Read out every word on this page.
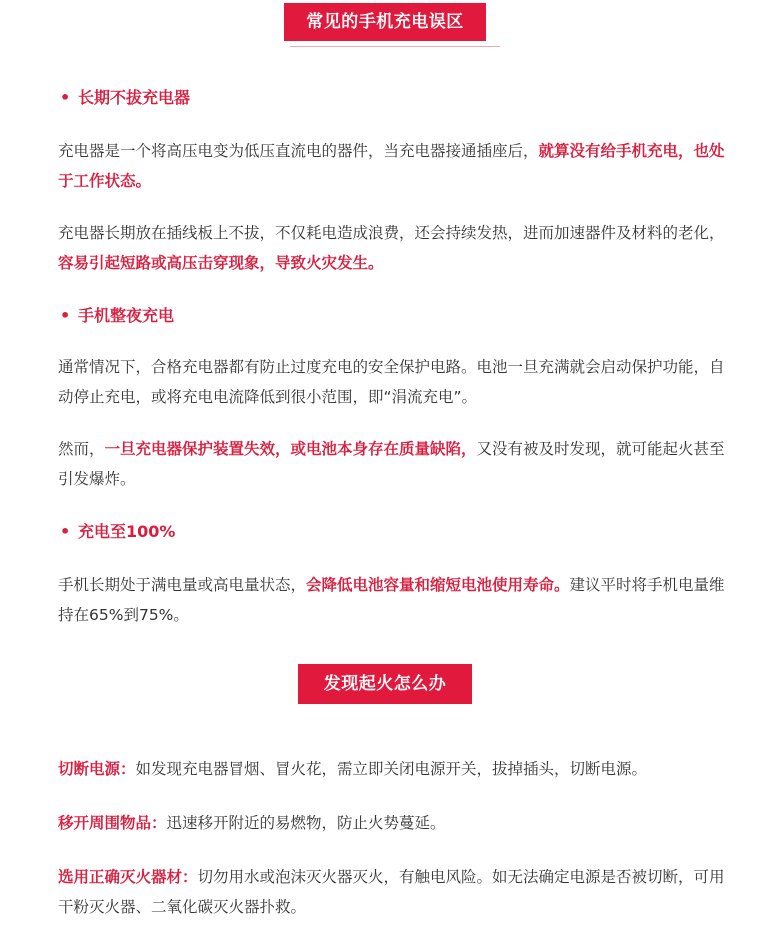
常见的手机充电误区
• 长期不拔充电器

充电器是一个将高压电变为低压直流电的器件，当充电器接通插座后，就算没有给手机充电，也处于工作状态。

充电器长期放在插线板上不拔，不仅耗电造成浪费，还会持续发热，进而加速器件及材料的老化，容易引起短路或高压击穿现象，导致火灾发生。

• 手机整夜充电

通常情况下，合格充电器都有防止过度充电的安全保护电路。电池一旦充满就会启动保护功能，自动停止充电，或将充电电流降低到很小范围，即“涓流充电”。

然而，一旦充电器保护装置失效，或电池本身存在质量缺陷，又没有被及时发现，就可能起火甚至引发爆炸。

• 充电至100%

手机长期处于满电量或高电量状态，会降低电池容量和缩短电池使用寿命。建议平时将手机电量维持在65%到75%。

发现起火怎么办

切断电源：如发现充电器冒烟、冒火花，需立即关闭电源开关，拔掉插头，切断电源。

移开周围物品：迅速移开附近的易燃物，防止火势蔓延。

选用正确灭火器材：切勿用水或泡沫灭火器灭火，有触电风险。如无法确定电源是否被切断，可用干粉灭火器、二氧化碳灭火器扑救。
